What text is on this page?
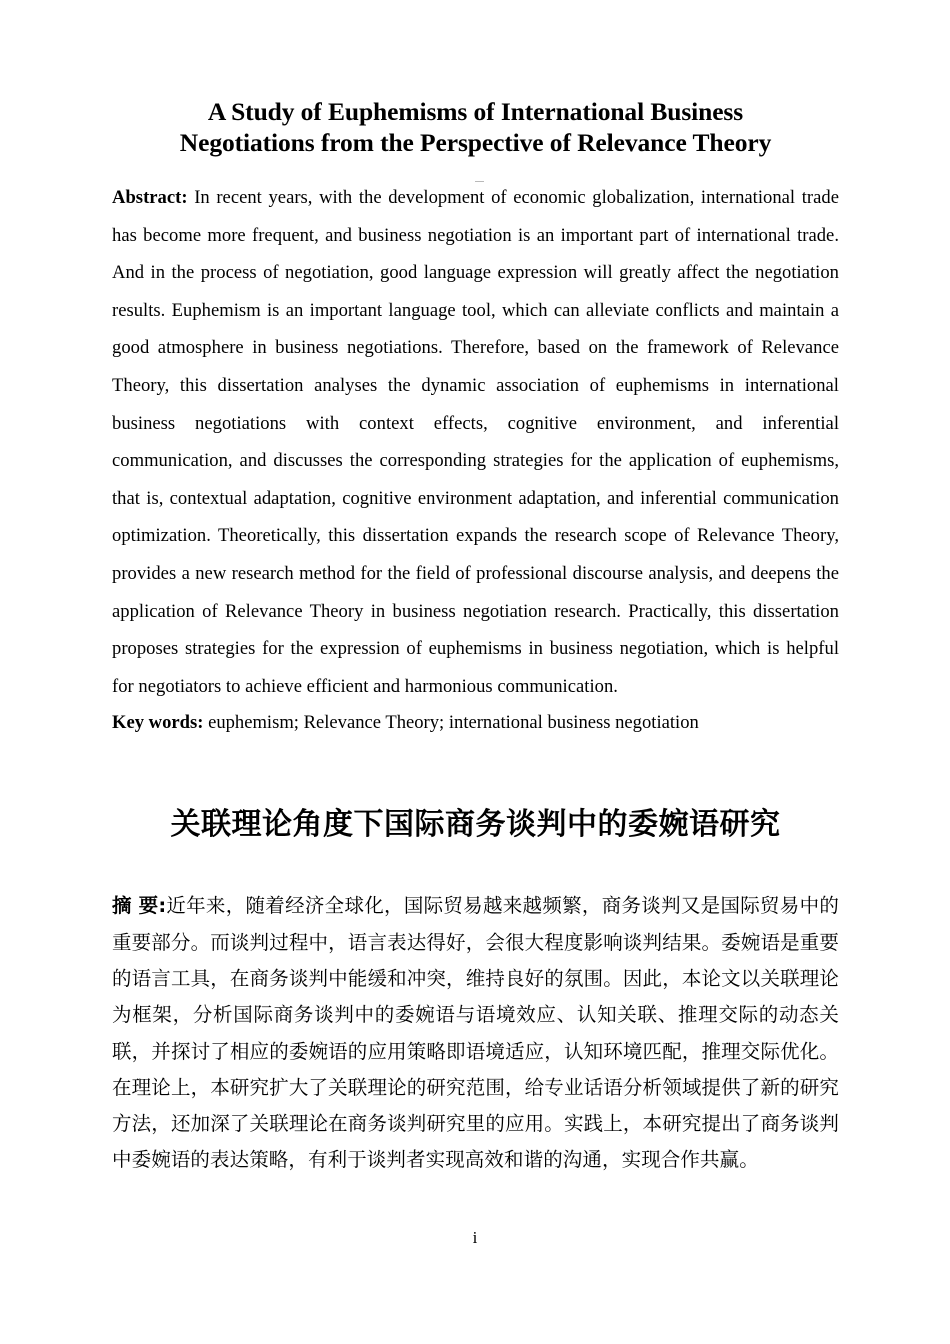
A Study of Euphemisms of International Business
Negotiations from the Perspective of Relevance Theory

Abstract: In recent years, with the development of economic globalization, international trade has become more frequent, and business negotiation is an important part of international trade. And in the process of negotiation, good language expression will greatly affect the negotiation results. Euphemism is an important language tool, which can alleviate conflicts and maintain a good atmosphere in business negotiations. Therefore, based on the framework of Relevance Theory, this dissertation analyses the dynamic association of euphemisms in international business negotiations with context effects, cognitive environment, and inferential communication, and discusses the corresponding strategies for the application of euphemisms, that is, contextual adaptation, cognitive environment adaptation, and inferential communication optimization. Theoretically, this dissertation expands the research scope of Relevance Theory, provides a new research method for the field of professional discourse analysis, and deepens the application of Relevance Theory in business negotiation research. Practically, this dissertation proposes strategies for the expression of euphemisms in business negotiation, which is helpful for negotiators to achieve efficient and harmonious communication.

Key words: euphemism; Relevance Theory; international business negotiation

关联理论角度下国际商务谈判中的委婉语研究

摘 要:近年来，随着经济全球化，国际贸易越来越频繁，商务谈判又是国际贸易中的重要部分。而谈判过程中，语言表达得好，会很大程度影响谈判结果。委婉语是重要的语言工具，在商务谈判中能缓和冲突，维持良好的氛围。因此，本论文以关联理论为框架，分析国际商务谈判中的委婉语与语境效应、认知关联、推理交际的动态关联，并探讨了相应的委婉语的应用策略即语境适应，认知环境匹配，推理交际优化。在理论上，本研究扩大了关联理论的研究范围，给专业话语分析领域提供了新的研究方法，还加深了关联理论在商务谈判研究里的应用。实践上，本研究提出了商务谈判中委婉语的表达策略，有利于谈判者实现高效和谐的沟通，实现合作共赢。

i
